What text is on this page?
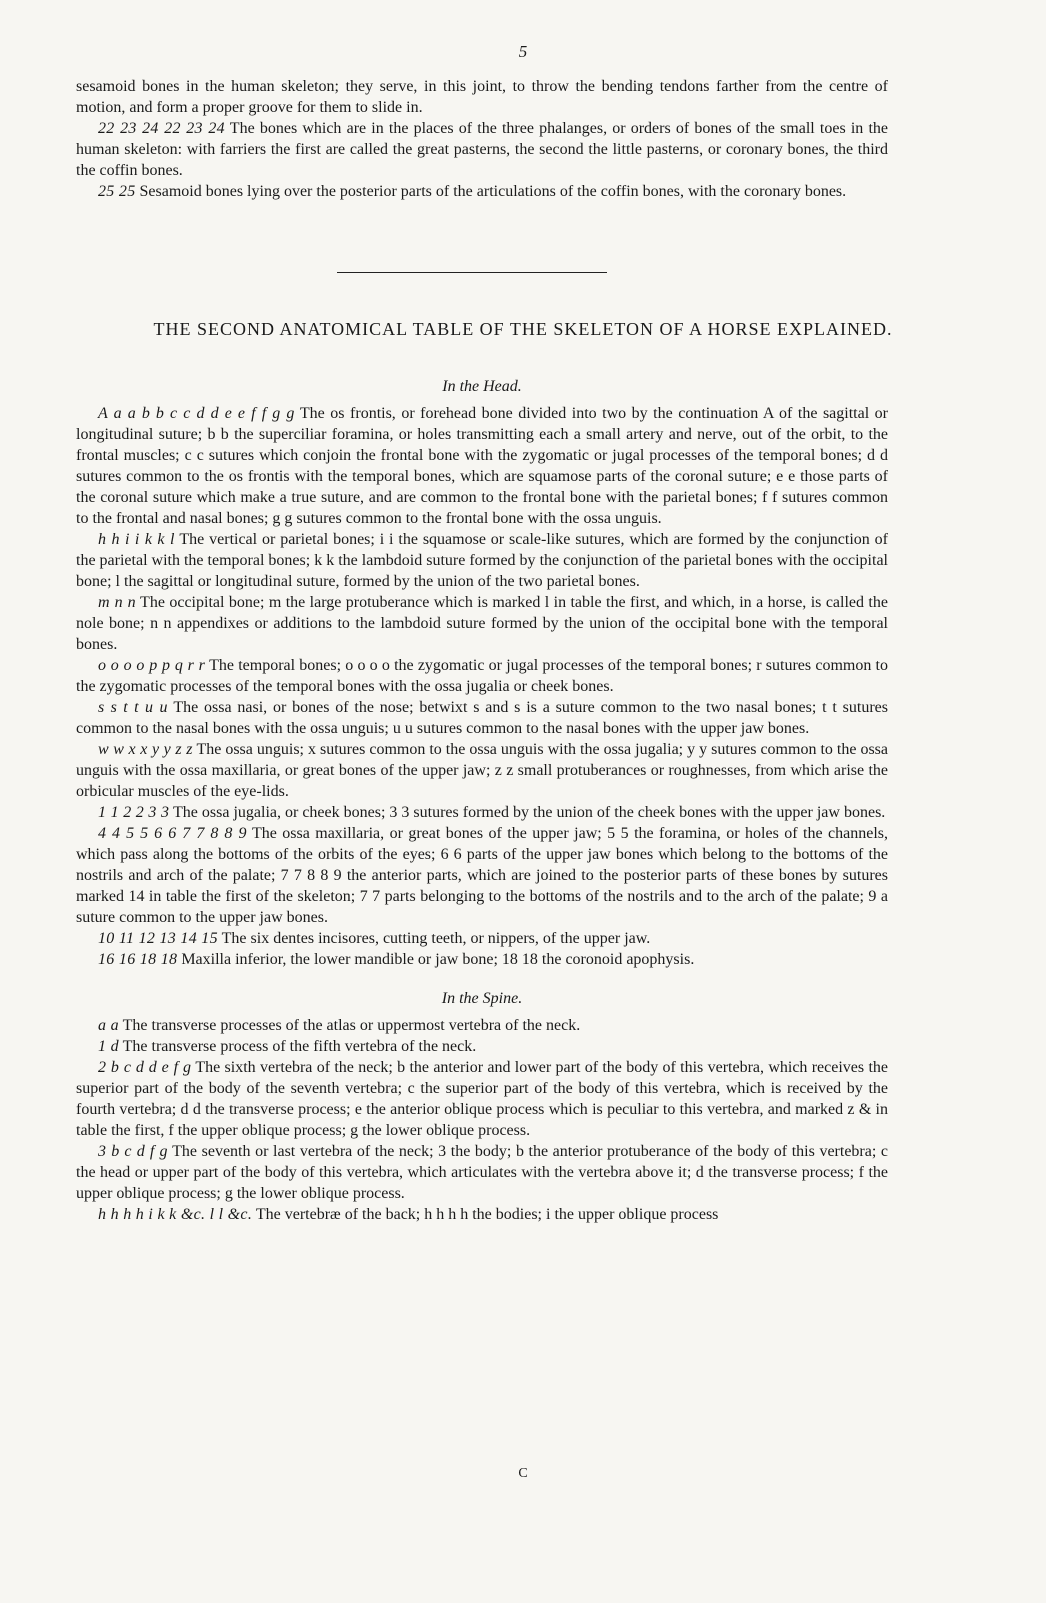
5

sesamoid bones in the human skeleton; they serve, in this joint, to throw the bending tendons farther from the centre of motion, and form a proper groove for them to slide in.

22 23 24 22 23 24 The bones which are in the places of the three phalanges, or orders of bones of the small toes in the human skeleton: with farriers the first are called the great pasterns, the second the little pasterns, or coronary bones, the third the coffin bones.

25 25 Sesamoid bones lying over the posterior parts of the articulations of the coffin bones, with the coronary bones.

THE SECOND ANATOMICAL TABLE OF THE SKELETON OF A HORSE EXPLAINED.
In the Head.

A a a b b c c d d e e f f g g The os frontis, or forehead bone divided into two by the continuation A of the sagittal or longitudinal suture; b b the superciliar foramina, or holes transmitting each a small artery and nerve, out of the orbit, to the frontal muscles; c c sutures which conjoin the frontal bone with the zygomatic or jugal processes of the temporal bones; d d sutures common to the os frontis with the temporal bones, which are squamose parts of the coronal suture; e e those parts of the coronal suture which make a true suture, and are common to the frontal bone with the parietal bones; f f sutures common to the frontal and nasal bones; g g sutures common to the frontal bone with the ossa unguis.

h h i i k k l The vertical or parietal bones; i i the squamose or scale-like sutures, which are formed by the conjunction of the parietal with the temporal bones; k k the lambdoid suture formed by the conjunction of the parietal bones with the occipital bone; l the sagittal or longitudinal suture, formed by the union of the two parietal bones.

m n n The occipital bone; m the large protuberance which is marked l in table the first, and which, in a horse, is called the nole bone; n n appendixes or additions to the lambdoid suture formed by the union of the occipital bone with the temporal bones.

o o o o p p q r r The temporal bones; o o o o the zygomatic or jugal processes of the temporal bones; r sutures common to the zygomatic processes of the temporal bones with the ossa jugalia or cheek bones.

s s t t u u The ossa nasi, or bones of the nose; betwixt s and s is a suture common to the two nasal bones; t t sutures common to the nasal bones with the ossa unguis; u u sutures common to the nasal bones with the upper jaw bones.

w w x x y y z z The ossa unguis; x sutures common to the ossa unguis with the ossa jugalia; y y sutures common to the ossa unguis with the ossa maxillaria, or great bones of the upper jaw; z z small protuberances or roughnesses, from which arise the orbicular muscles of the eye-lids.

1 1 2 2 3 3 The ossa jugalia, or cheek bones; 3 3 sutures formed by the union of the cheek bones with the upper jaw bones.

4 4 5 5 6 6 7 7 8 8 9 The ossa maxillaria, or great bones of the upper jaw; 5 5 the foramina, or holes of the channels, which pass along the bottoms of the orbits of the eyes; 6 6 parts of the upper jaw bones which belong to the bottoms of the nostrils and arch of the palate; 7 7 8 8 9 the anterior parts, which are joined to the posterior parts of these bones by sutures marked 14 in table the first of the skeleton; 7 7 parts belonging to the bottoms of the nostrils and to the arch of the palate; 9 a suture common to the upper jaw bones.

10 11 12 13 14 15 The six dentes incisores, cutting teeth, or nippers, of the upper jaw.

16 16 18 18 Maxilla inferior, the lower mandible or jaw bone; 18 18 the coronoid apophysis.

In the Spine.

a a The transverse processes of the atlas or uppermost vertebra of the neck.

1 d The transverse process of the fifth vertebra of the neck.

2 b c d d e f g The sixth vertebra of the neck; b the anterior and lower part of the body of this vertebra, which receives the superior part of the body of the seventh vertebra; c the superior part of the body of this vertebra, which is received by the fourth vertebra; d d the transverse process; e the anterior oblique process which is peculiar to this vertebra, and marked z & in table the first, f the upper oblique process; g the lower oblique process.

3 b c d f g The seventh or last vertebra of the neck; 3 the body; b the anterior protuberance of the body of this vertebra; c the head or upper part of the body of this vertebra, which articulates with the vertebra above it; d the transverse process; f the upper oblique process; g the lower oblique process.

h h h h i k k &c. l l &c. The vertebræ of the back; h h h h the bodies; i the upper oblique process

C
